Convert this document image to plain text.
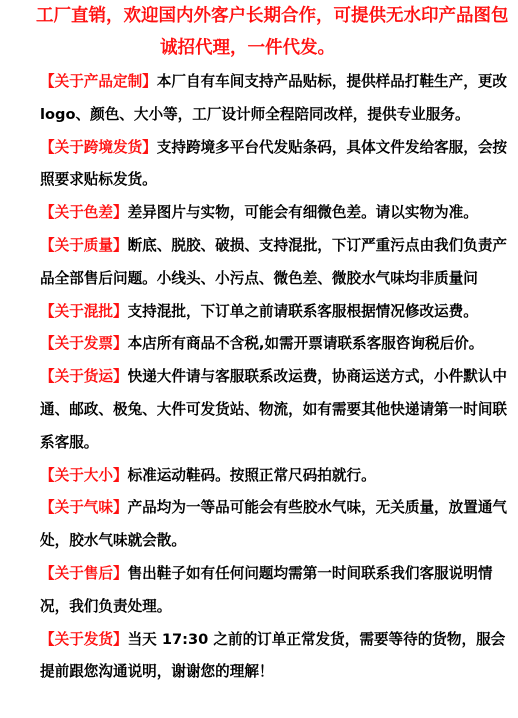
工厂直销，欢迎国内外客户长期合作，可提供无水印产品图包
诚招代理，一件代发。

【关于产品定制】本厂自有车间支持产品贴标，提供样品打鞋生产，更改logo、颜色、大小等，工厂设计师全程陪同改样，提供专业服务。

【关于跨境发货】支持跨境多平台代发贴条码，具体文件发给客服，会按照要求贴标发货。

【关于色差】差异图片与实物，可能会有细微色差。请以实物为准。

【关于质量】断底、脱胶、破损、支持混批，下订严重污点由我们负责产品全部售后问题。小线头、小污点、微色差、微胶水气味均非质量问

【关于混批】支持混批，下订单之前请联系客服根据情况修改运费。

【关于发票】本店所有商品不含税,如需开票请联系客服咨询税后价。

【关于货运】快递大件请与客服联系改运费，协商运送方式，小件默认中通、邮政、极兔、大件可发货站、物流，如有需要其他快递请第一时间联系客服。

【关于大小】标准运动鞋码。按照正常尺码拍就行。

【关于气味】产品均为一等品可能会有些胶水气味，无关质量，放置通气处，胶水气味就会散。

【关于售后】售出鞋子如有任何问题均需第一时间联系我们客服说明情况，我们负责处理。

【关于发货】当天 17:30 之前的订单正常发货，需要等待的货物，服会提前跟您沟通说明，谢谢您的理解！
